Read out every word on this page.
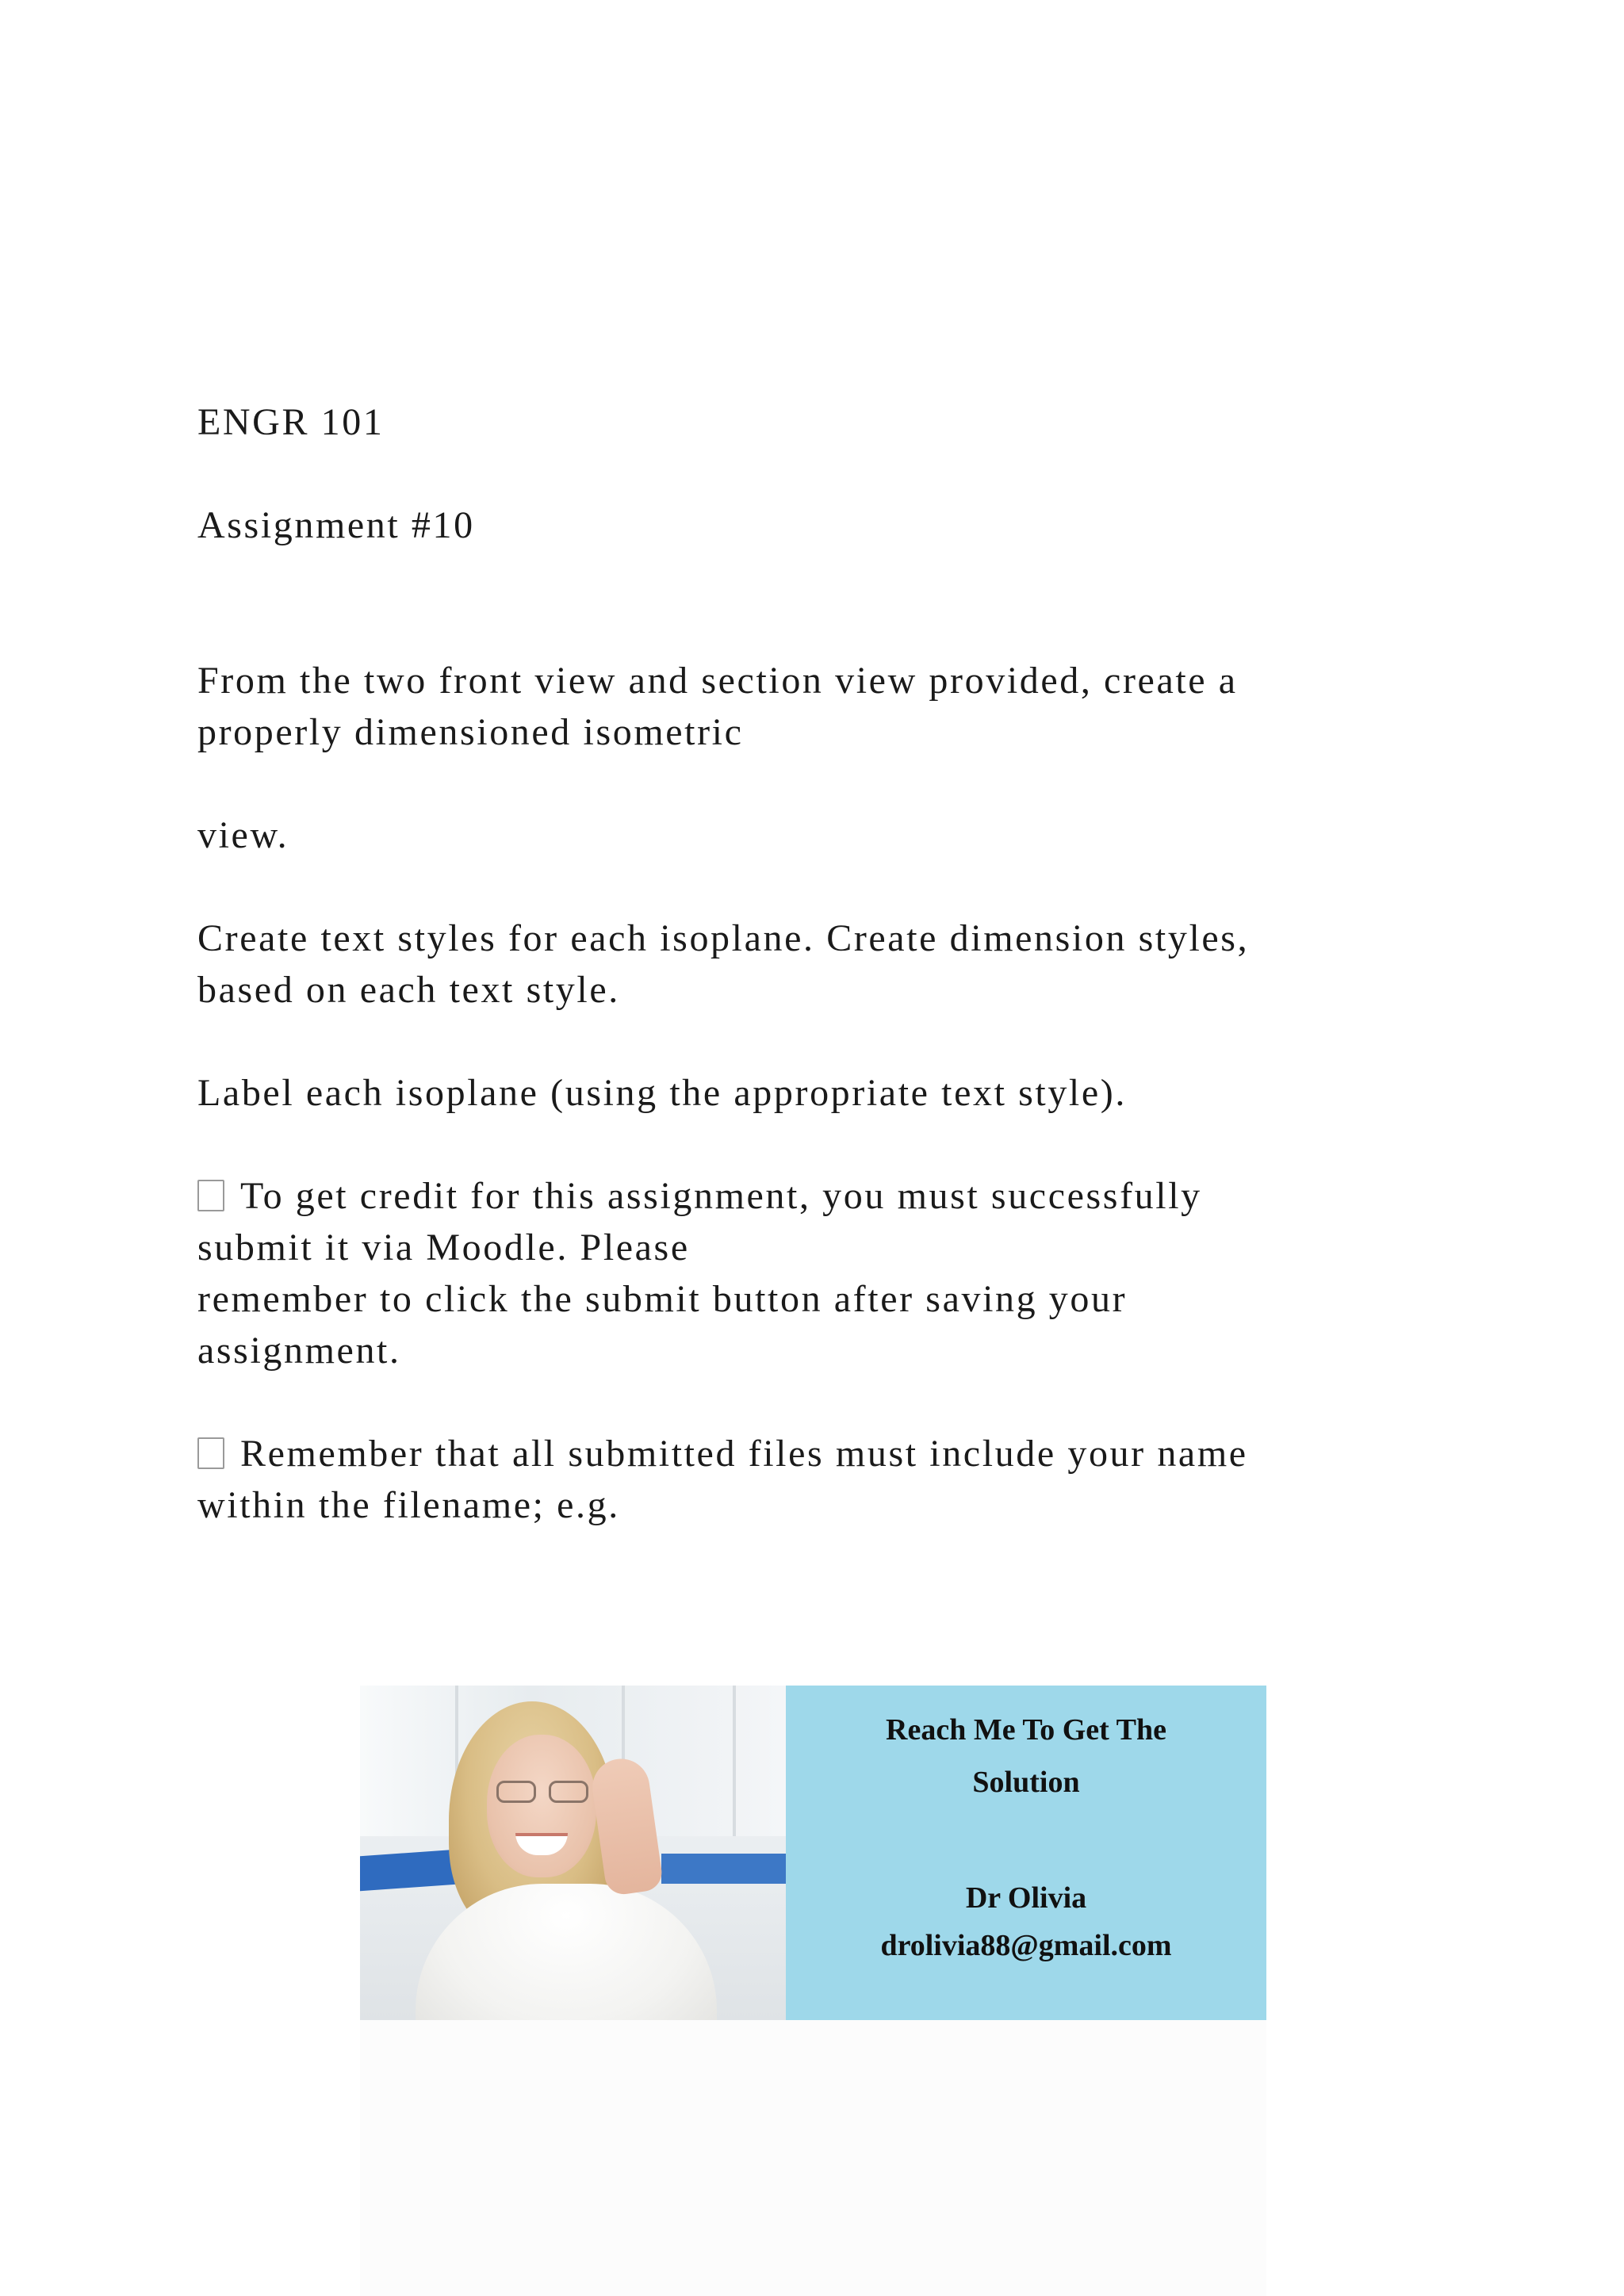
ENGR 101

Assignment #10

From the two front view and section view provided, create a

properly dimensioned isometric

view.

Create text styles for each isoplane. Create dimension styles,

based on each text style.

Label each isoplane (using the appropriate text style).

To get credit for this assignment, you must successfully

submit it via Moodle. Please

remember to click the submit button after saving your

assignment.

Remember that all submitted files must include your name

within the filename; e.g.

Reach Me To Get The
Solution
Dr Olivia
drolivia88@gmail.com
